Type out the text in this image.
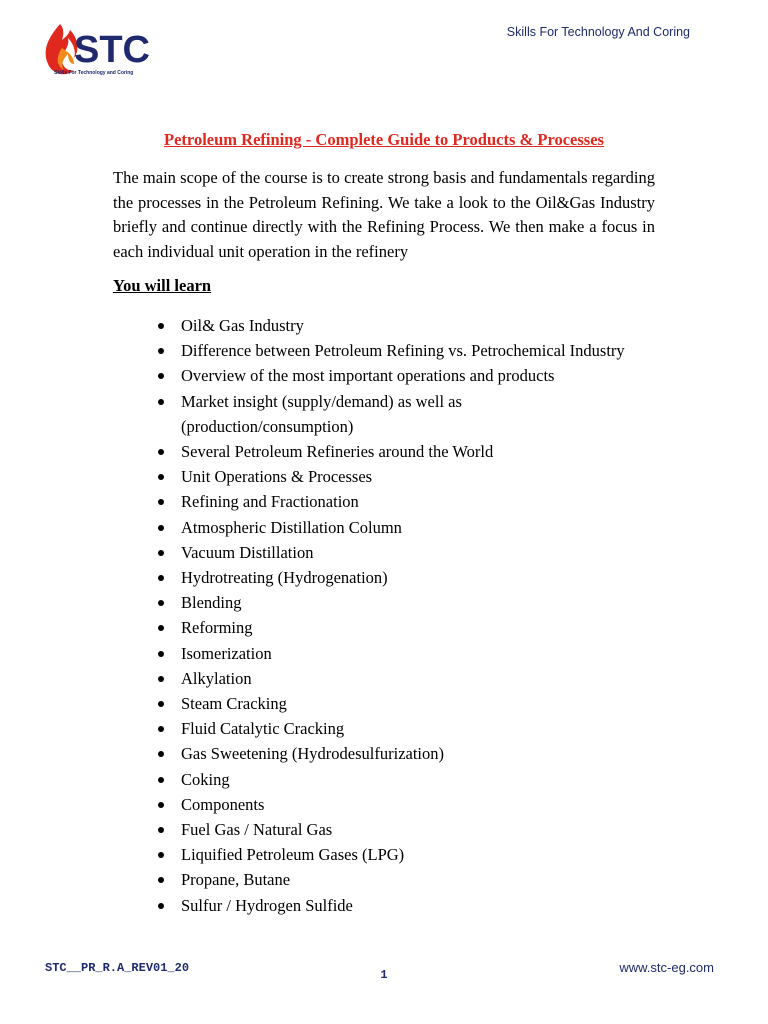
STC
Skills For Technology and Coring
Skills For Technology And Coring
Petroleum Refining - Complete Guide to Products & Processes
The main scope of the course is to create strong basis and fundamentals regarding the processes in the Petroleum Refining. We take a look to the Oil&Gas Industry briefly and continue directly with the Refining Process. We then make a focus in each individual unit operation in the refinery
You will learn
Oil& Gas Industry
Difference between Petroleum Refining vs. Petrochemical Industry
Overview of the most important operations and products
Market insight (supply/demand) as well as
(production/consumption)
Several Petroleum Refineries around the World
Unit Operations & Processes
Refining and Fractionation
Atmospheric Distillation Column
Vacuum Distillation
Hydrotreating (Hydrogenation)
Blending
Reforming
Isomerization
Alkylation
Steam Cracking
Fluid Catalytic Cracking
Gas Sweetening (Hydrodesulfurization)
Coking
Components
Fuel Gas / Natural Gas
Liquified Petroleum Gases (LPG)
Propane, Butane
Sulfur / Hydrogen Sulfide
STC__PR_R.A_REV01_20	1	www.stc-eg.com
